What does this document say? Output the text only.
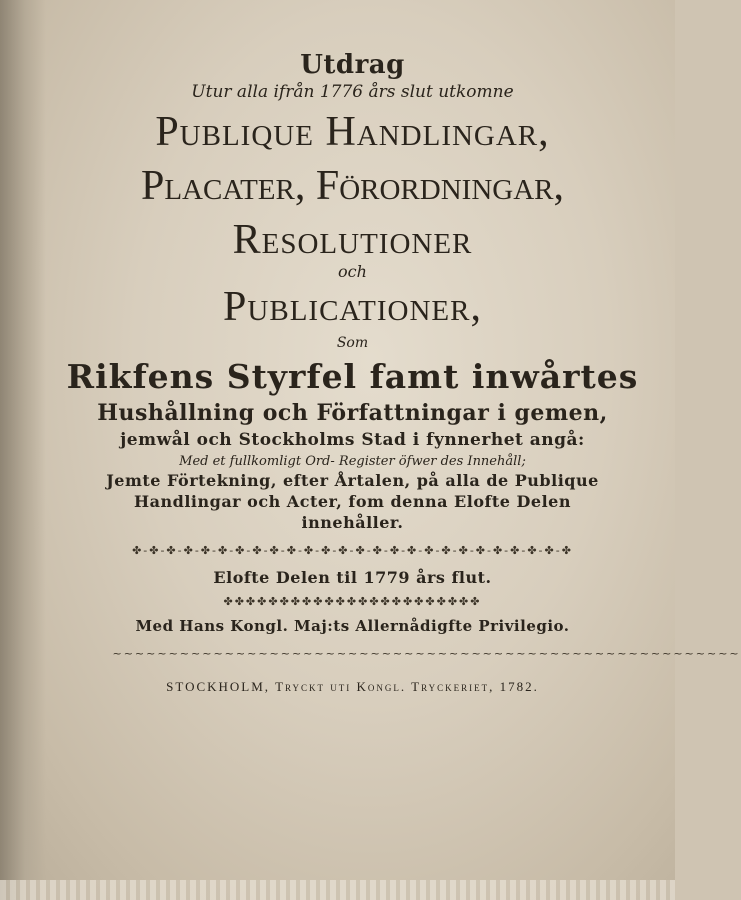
Utdrag
Utur alla ifrån 1776 års slut utkomne
Publique Handlingar,
Placater, Förordningar,
Resolutioner
och
Publicationer,
Som
Rikfens Styrfel famt inwårtes
Hushållning och Författningar i gemen,
jemwål och Stockholms Stad i fynnerhet angå:
Med et fullkomligt Ord- Register öfwer des Innehåll;
Jemte Förtekning, efter Årtalen, på alla de Publique
Handlingar och Acter, fom denna Elofte Delen
innehåller.
✤-✤-✤-✤-✤-✤-✤-✤-✤-✤-✤-✤-✤-✤-✤-✤-✤-✤-✤-✤-✤-✤-✤-✤-✤-✤
Elofte Delen til 1779 års flut.
✤✤✤✤✤✤✤✤✤✤✤✤✤✤✤✤✤✤✤✤✤✤✤
Med Hans Kongl. Maj:ts Allernådigfte Privilegio.
~~~~~~~~~~~~~~~~~~~~~~~~~~~~~~~~~~~~~~~~~~~~~~~~~~~~~~~~
STOCKHOLM, Tryckt uti Kongl. Tryckeriet, 1782.
